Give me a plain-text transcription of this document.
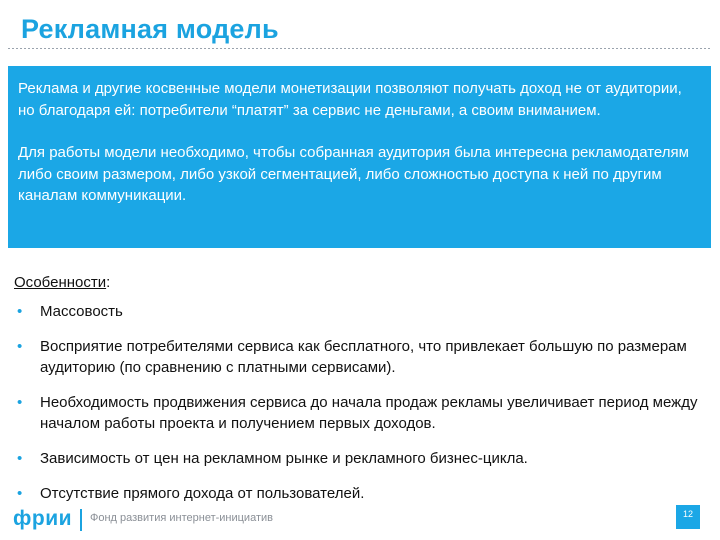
Рекламная модель

Реклама и другие косвенные модели монетизации позволяют получать доход не от аудитории, но благодаря ей: потребители “платят” за сервис не деньгами, а своим вниманием.

Для работы модели необходимо, чтобы собранная аудитория была интересна рекламодателям либо своим размером, либо узкой сегментацией, либо сложностью доступа к ней по другим каналам коммуникации.

Особенности:
• Массовость
• Восприятие потребителями сервиса как бесплатного, что привлекает большую по размерам аудиторию (по сравнению с платными сервисами).
• Необходимость продвижения сервиса до начала продаж рекламы увеличивает период между началом работы проекта и получением первых доходов.
• Зависимость от цен на рекламном рынке и рекламного бизнес-цикла.
• Отсутствие прямого дохода от пользователей.
фрии Фонд развития интернет-инициатив	12
